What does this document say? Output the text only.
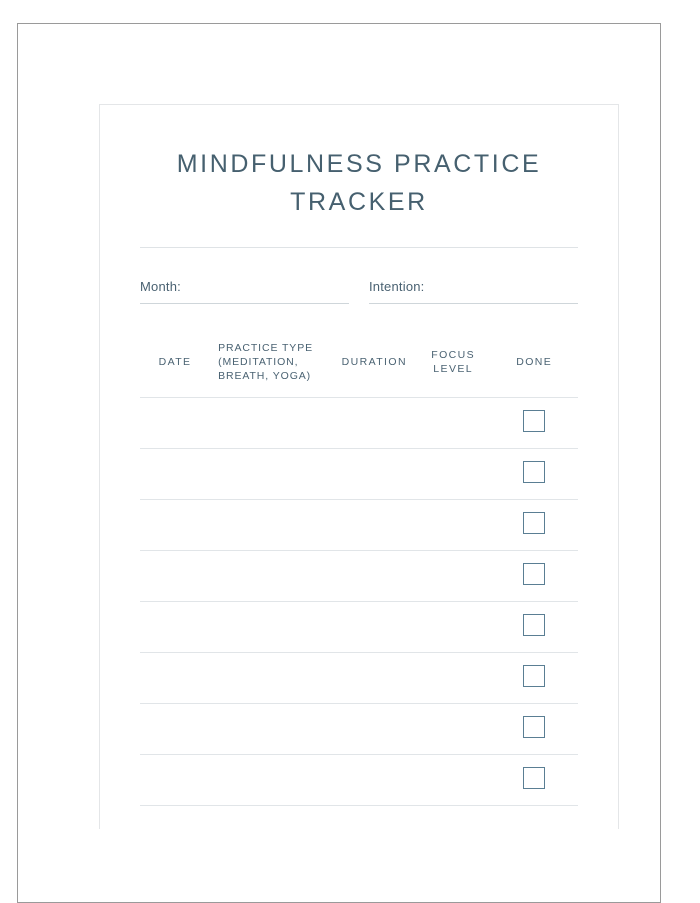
MINDFULNESS PRACTICE TRACKER
Month:	Intention:
DATE	PRACTICE TYPE (MEDITATION, BREATH, YOGA)	DURATION	FOCUS LEVEL	DONE
